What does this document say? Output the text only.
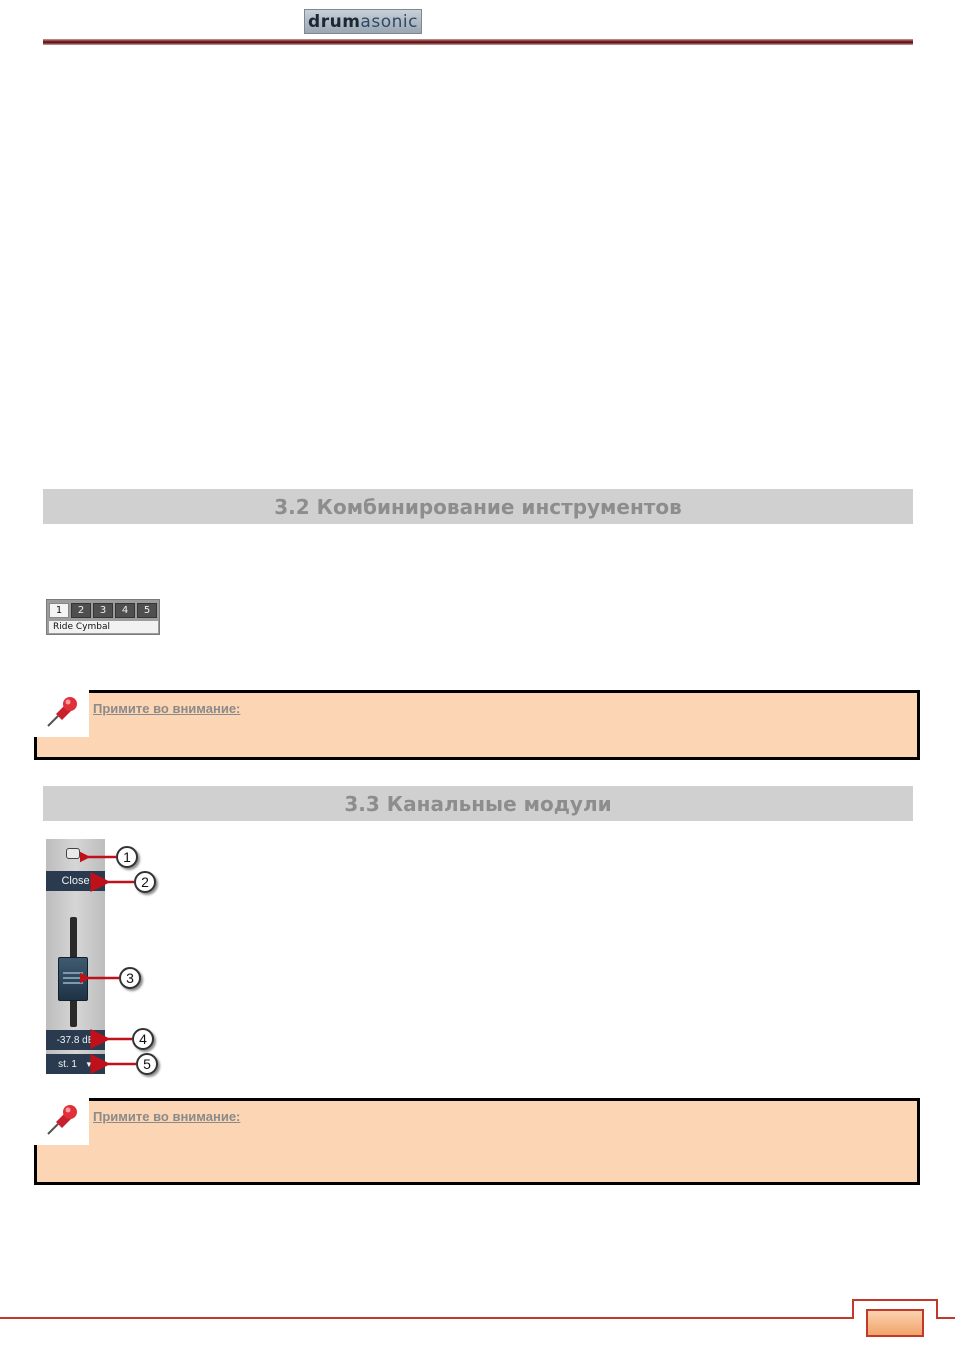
drum asonic
3.2 Комбинирование инструментов
1	2	3	4	5
Ride Cymbal
Примите во внимание:
3.3 Канальные модули
Close
-37.8 dB
st. 1 ▼
1
2
3
4
5
Примите во внимание:
